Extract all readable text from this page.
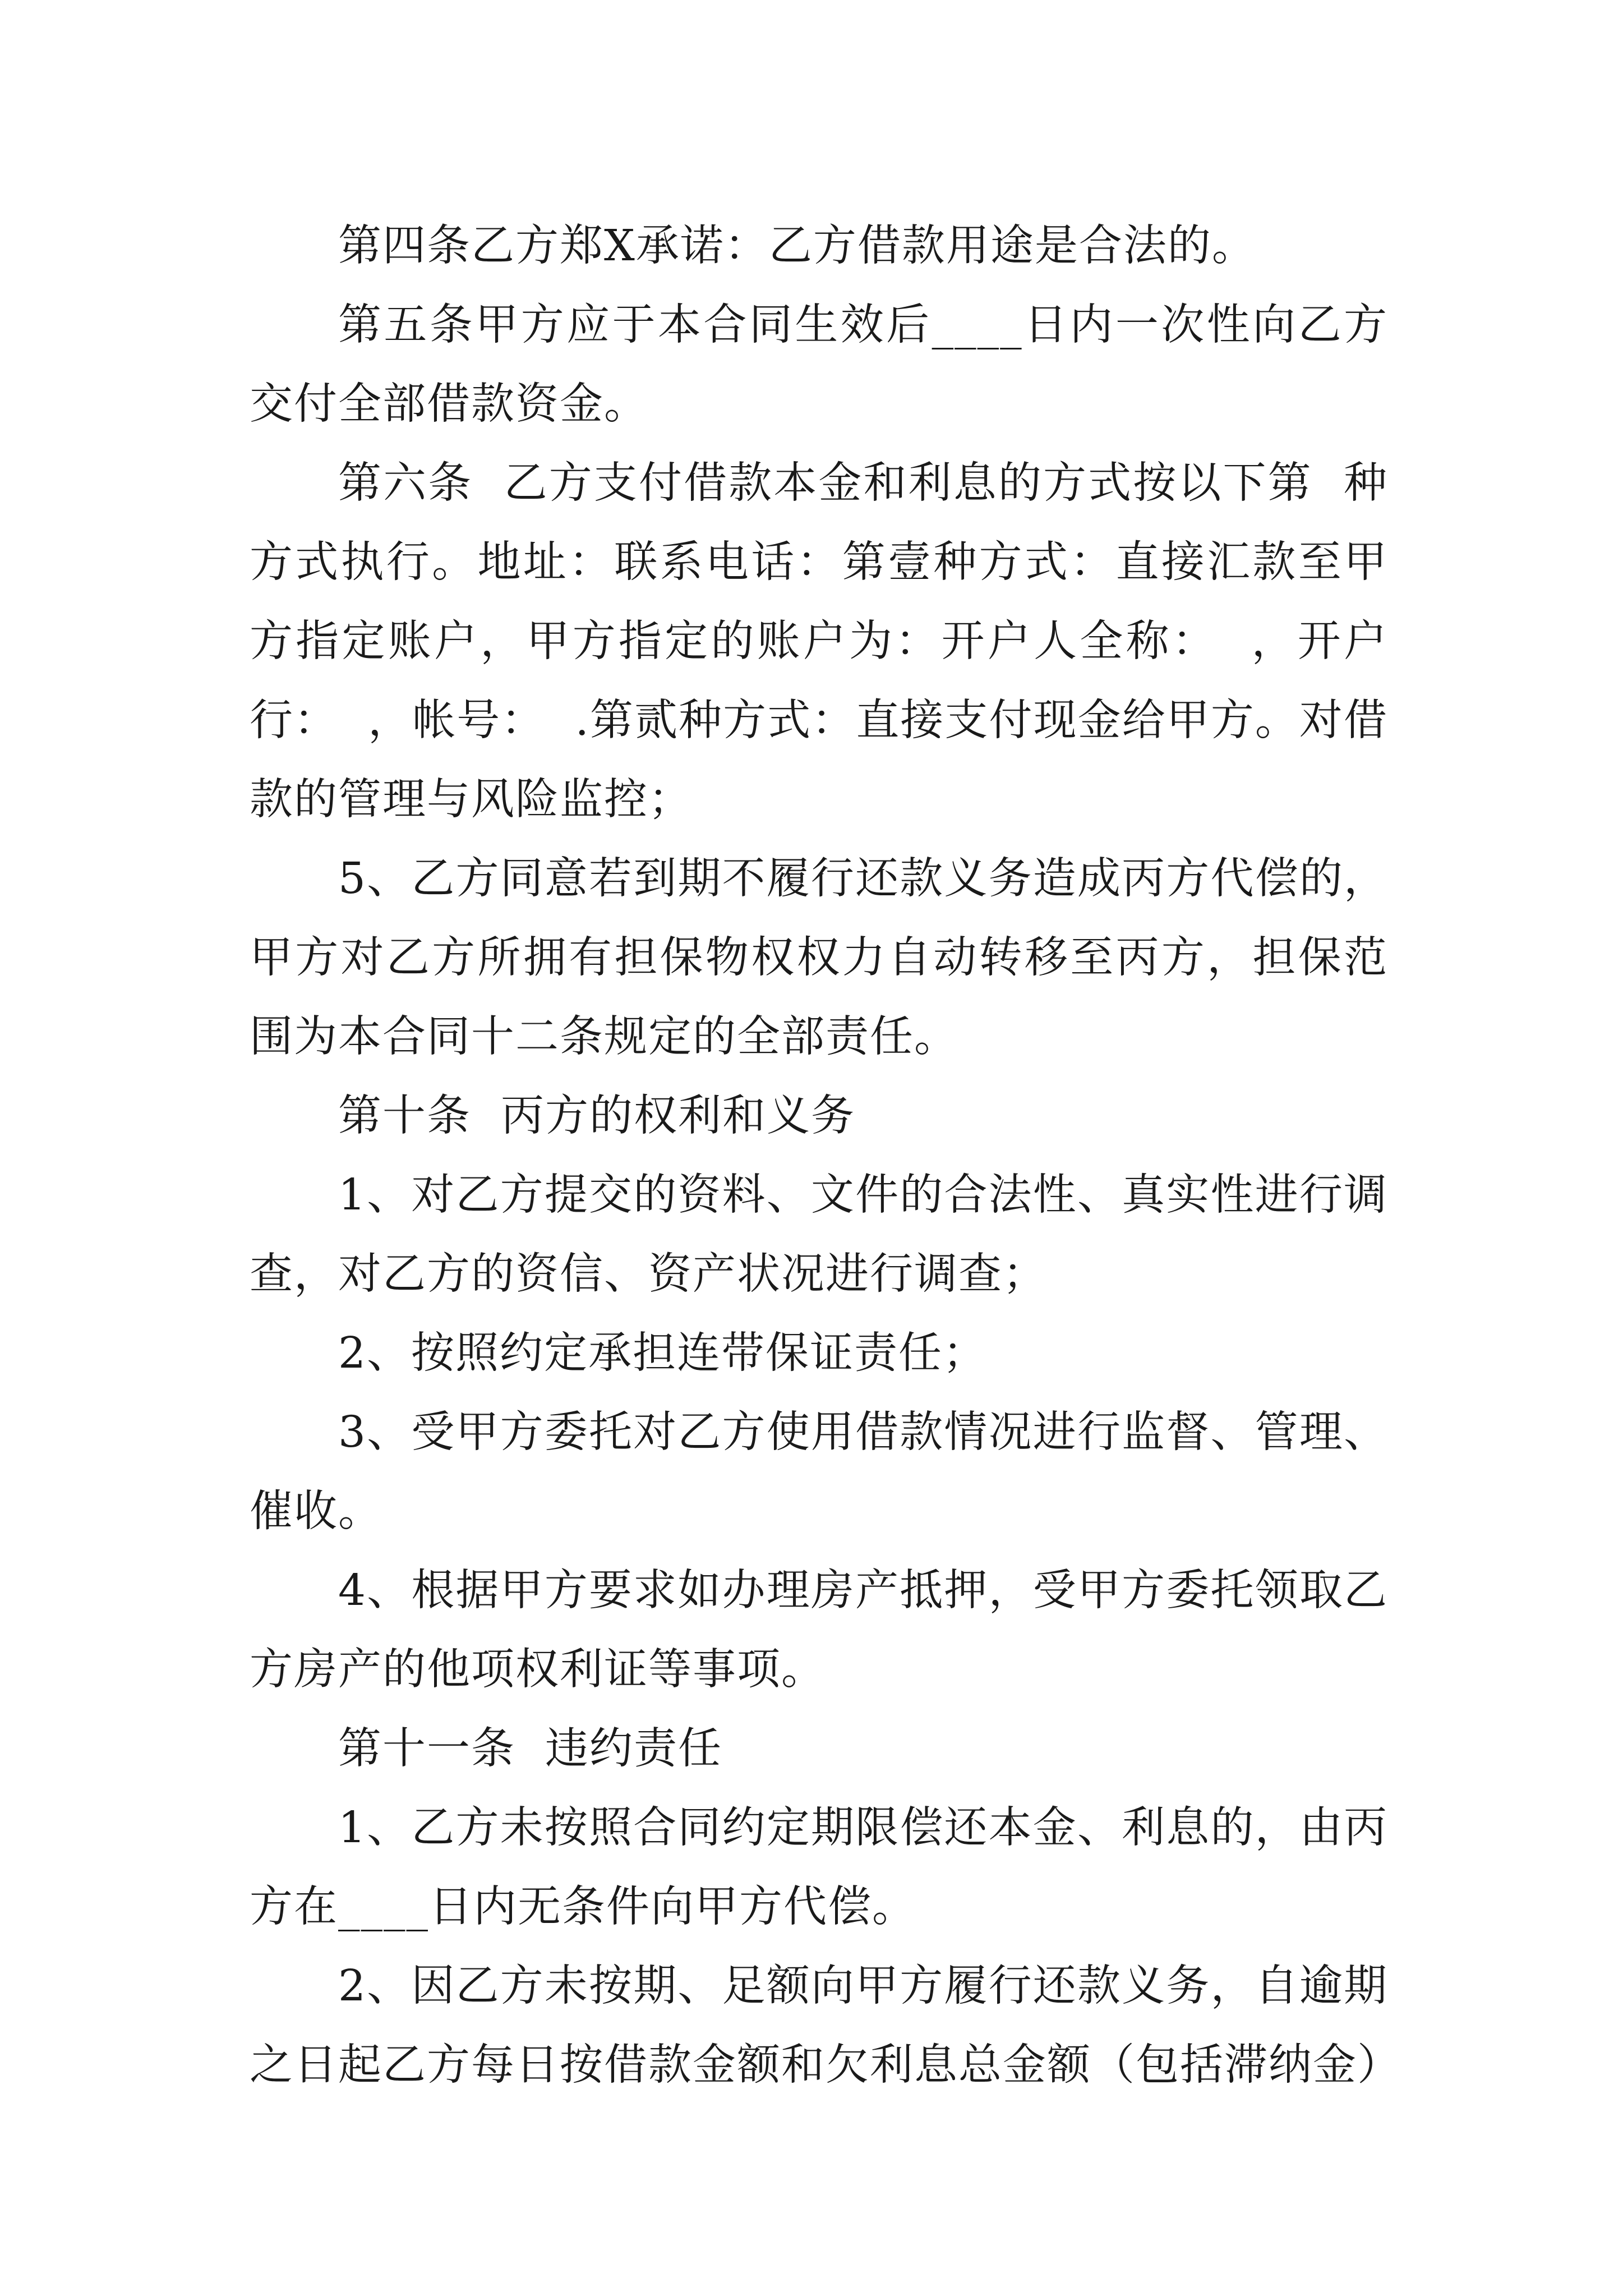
第四条乙方郑X承诺：乙方借款用途是合法的。

第五条甲方应于本合同生效后____日内一次性向乙方交付全部借款资金。

第六条  乙方支付借款本金和利息的方式按以下第  种方式执行。地址：联系电话：第壹种方式：直接汇款至甲方指定账户，甲方指定的账户为：开户人全称：  ，开户行：  ，帐号：  .第贰种方式：直接支付现金给甲方。对借款的管理与风险监控；

5、乙方同意若到期不履行还款义务造成丙方代偿的，甲方对乙方所拥有担保物权权力自动转移至丙方，担保范围为本合同十二条规定的全部责任。

第十条  丙方的权利和义务

1、对乙方提交的资料、文件的合法性、真实性进行调查，对乙方的资信、资产状况进行调查；

2、按照约定承担连带保证责任；

3、受甲方委托对乙方使用借款情况进行监督、管理、催收。

4、根据甲方要求如办理房产抵押，受甲方委托领取乙方房产的他项权利证等事项。

第十一条  违约责任

1、乙方未按照合同约定期限偿还本金、利息的，由丙方在____日内无条件向甲方代偿。

2、因乙方未按期、足额向甲方履行还款义务，自逾期之日起乙方每日按借款金额和欠利息总金额（包括滞纳金）
